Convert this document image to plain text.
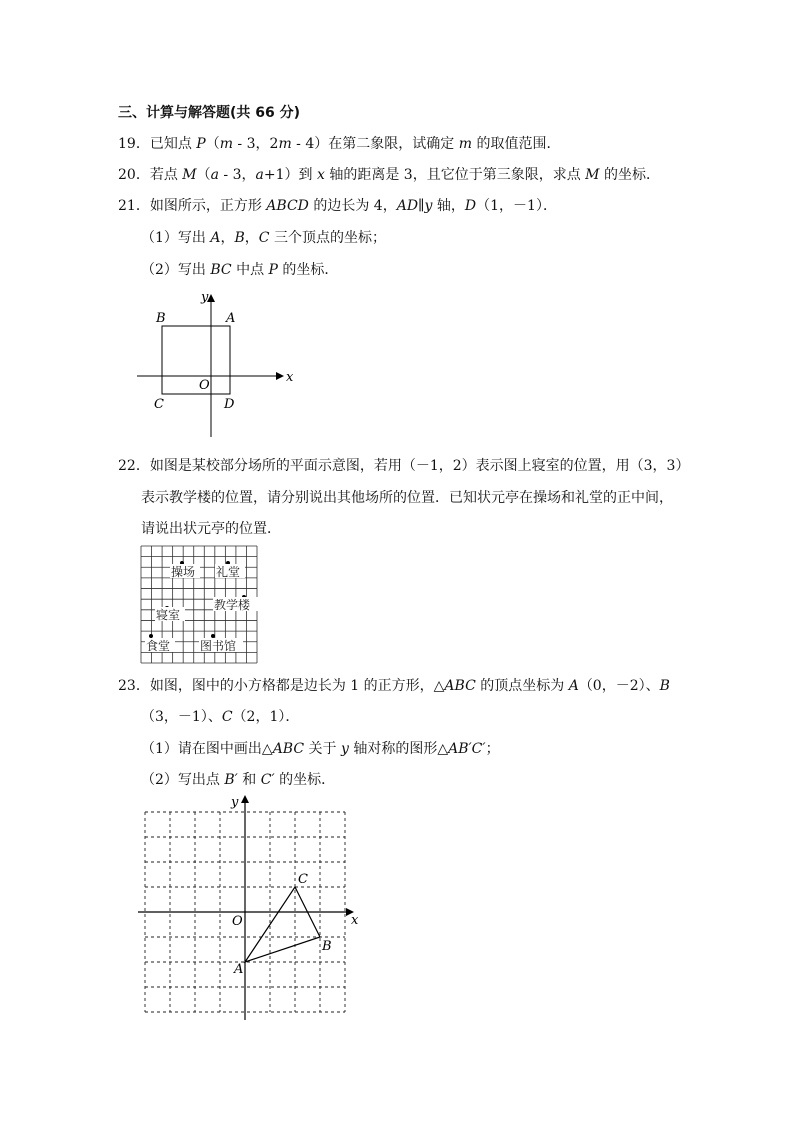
三、计算与解答题(共 66 分)
19．已知点 P（m - 3，2m - 4）在第二象限，试确定 m 的取值范围．
20．若点 M（a - 3，a+1）到 x 轴的距离是 3，且它位于第三象限，求点 M 的坐标．
21．如图所示，正方形 ABCD 的边长为 4，AD∥y 轴，D（1，－1）．
（1）写出 A，B，C 三个顶点的坐标；
（2）写出 BC 中点 P 的坐标．
x
y
B	A
C	D
O
22．如图是某校部分场所的平面示意图，若用（－1，2）表示图上寝室的位置，用（3，3）
表示教学楼的位置，请分别说出其他场所的位置．已知状元亭在操场和礼堂的正中间，
请说出状元亭的位置．
操场 礼堂
教学楼
寝室
食堂 图书馆
23．如图，图中的小方格都是边长为 1 的正方形，△ABC 的顶点坐标为 A（0，－2）、B
（3，－1）、C（2，1）．
（1）请在图中画出△ABC 关于 y 轴对称的图形△AB′C′；
（2）写出点 B′ 和 C′ 的坐标．
x
y
O
A
B
C
